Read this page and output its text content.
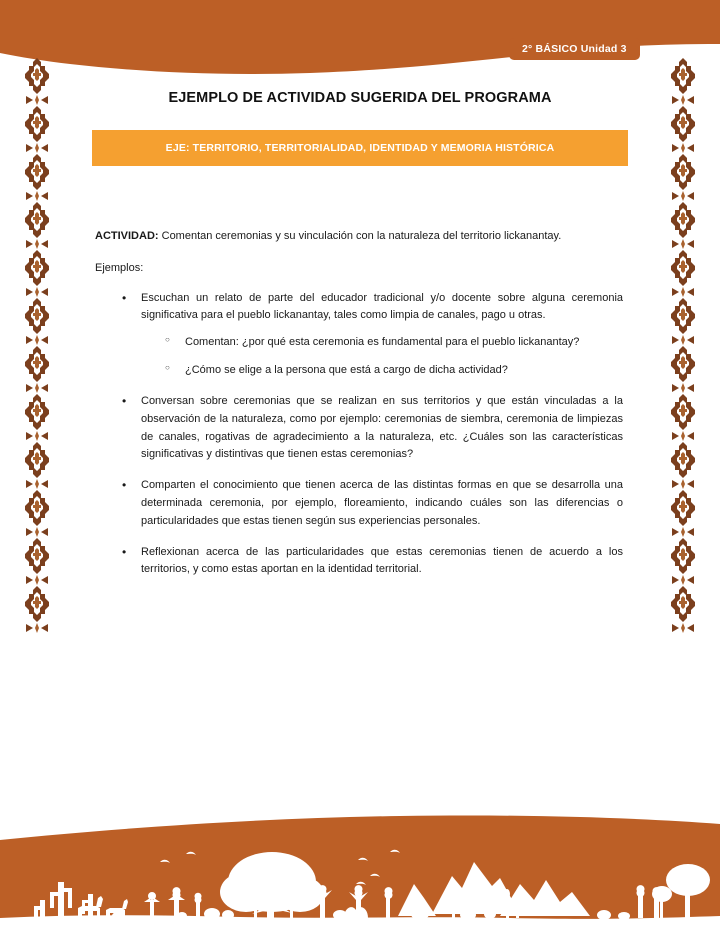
2° BÁSICO Unidad 3
EJEMPLO DE ACTIVIDAD SUGERIDA DEL PROGRAMA
EJE: TERRITORIO, TERRITORIALIDAD, IDENTIDAD Y MEMORIA HISTÓRICA
ACTIVIDAD: Comentan ceremonias y su vinculación con la naturaleza del territorio lickanantay.
Ejemplos:
• Escuchan un relato de parte del educador tradicional y/o docente sobre alguna ceremonia significativa para el pueblo lickanantay, tales como limpia de canales, pago u otras.
○ Comentan: ¿por qué esta ceremonia es fundamental para el pueblo lickanantay?
○ ¿Cómo se elige a la persona que está a cargo de dicha actividad?
• Conversan sobre ceremonias que se realizan en sus territorios y que están vinculadas a la observación de la naturaleza, como por ejemplo: ceremonias de siembra, ceremonia de limpiezas de canales, rogativas de agradecimiento a la naturaleza, etc. ¿Cuáles son las características significativas y distintivas que tienen estas ceremonias?
• Comparten el conocimiento que tienen acerca de las distintas formas en que se desarrolla una determinada ceremonia, por ejemplo, floreamiento, indicando cuáles son las diferencias o particularidades que estas tienen según sus experiencias personales.
• Reflexionan acerca de las particularidades que estas ceremonias tienen de acuerdo a los territorios, y como estas aportan en la identidad territorial.
